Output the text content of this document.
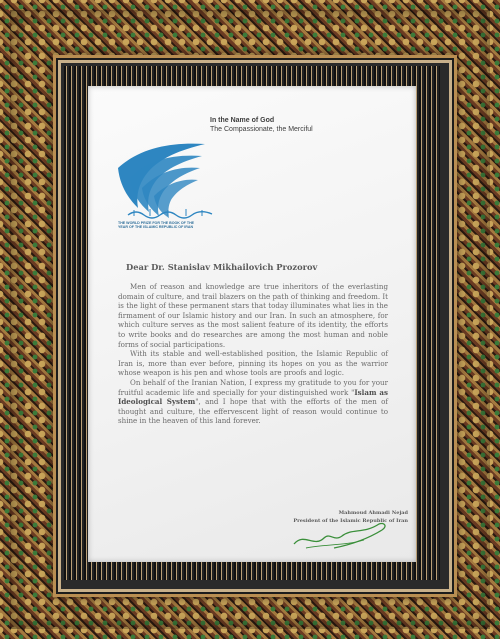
In the Name of God
The Compassionate, the Merciful
THE WORLD PRIZE FOR THE BOOK OF THE
YEAR OF THE ISLAMIC REPUBLIC OF IRAN
Dear Dr. Stanislav Mikhailovich Prozorov

Men of reason and knowledge are true inheritors of the everlasting domain of culture, and trail blazers on the path of thinking and freedom. It is the light of these permanent stars that today illuminates what lies in the firmament of our Islamic history and our Iran. In such an atmosphere, for which culture serves as the most salient feature of its identity, the efforts to write books and do researches are among the most human and noble forms of social participations.

With its stable and well-established position, the Islamic Republic of Iran is, more than ever before, pinning its hopes on you as the warrior whose weapon is his pen and whose tools are proofs and logic.

On behalf of the Iranian Nation, I express my gratitude to you for your fruitful academic life and specially for your distinguished work "Islam as Ideological System", and I hope that with the efforts of the men of thought and culture, the effervescent light of reason would continue to shine in the heaven of this land forever.

Mahmoud Ahmadi Nejad
President of the Islamic Republic of Iran
